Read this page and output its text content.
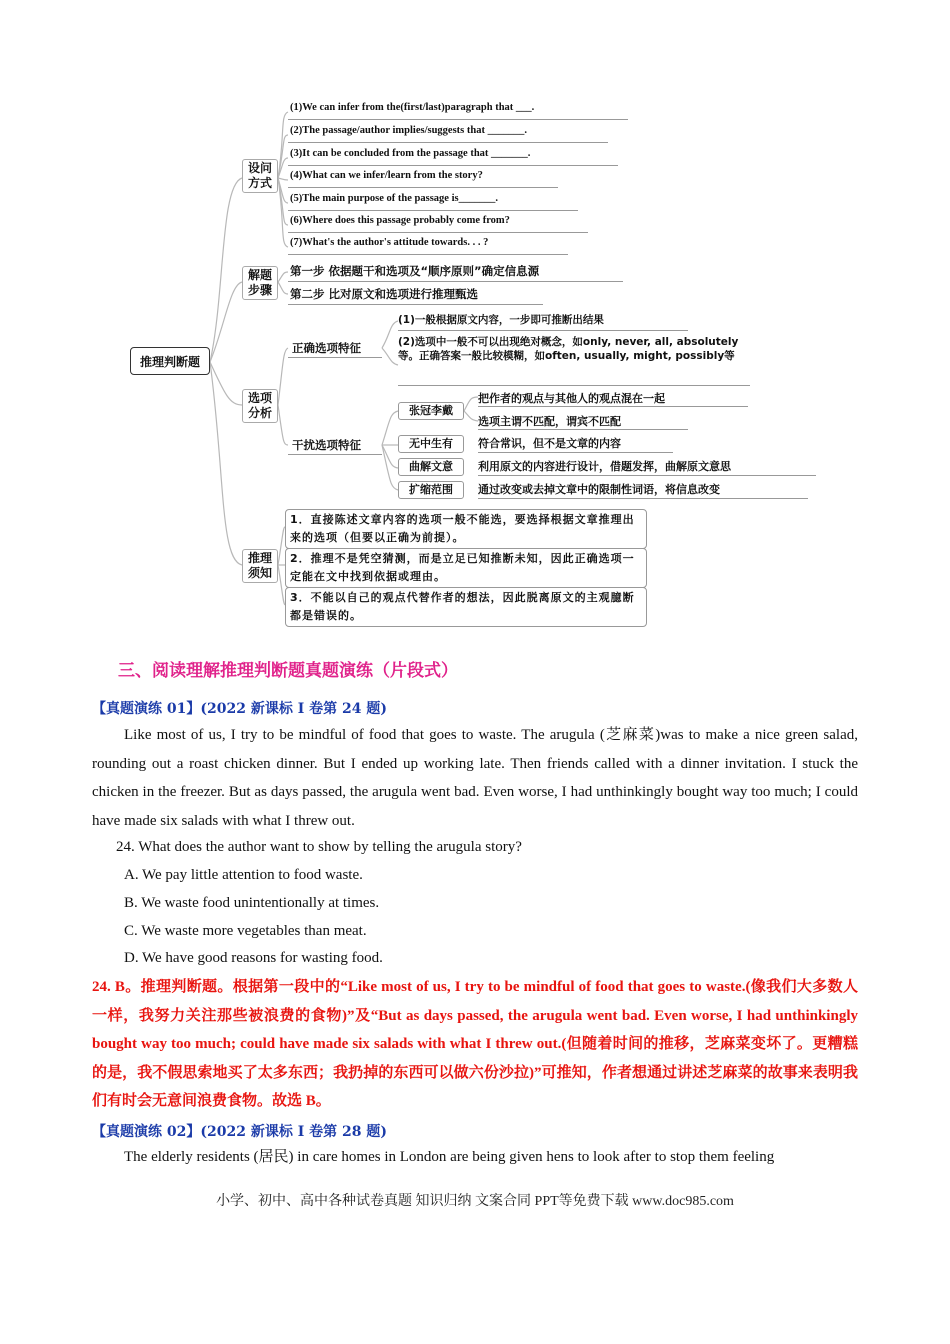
推理判断题
设问
方式
解题
步骤
选项
分析
推理
须知
(1)We can infer from the(first/last)paragraph that ___.
(2)The passage/author implies/suggests that _______.
(3)It can be concluded from the passage that _______.
(4)What can we infer/learn from the story?
(5)The main purpose of the passage is_______.
(6)Where does this passage probably come from?
(7)What's the author's attitude towards. . . ?
第一步 依据题干和选项及“顺序原则”确定信息源
第二步 比对原文和选项进行推理甄选
正确选项特征
(1)一般根据原文内容，一步即可推断出结果
(2)选项中一般不可以出现绝对概念，如only, never, all, absolutely等。正确答案一般比较模糊，如often, usually, might, possibly等
干扰选项特征
张冠李戴
把作者的观点与其他人的观点混在一起
选项主谓不匹配，谓宾不匹配
无中生有	符合常识，但不是文章的内容
曲解文意	利用原文的内容进行设计，借题发挥，曲解原文意思
扩缩范围	通过改变或去掉文章中的限制性词语，将信息改变
1．直接陈述文章内容的选项一般不能选，要选择根据文章推理出来的选项（但要以正确为前提）。
2．推理不是凭空猜测，而是立足已知推断未知，因此正确选项一定能在文中找到依据或理由。
3．不能以自己的观点代替作者的想法，因此脱离原文的主观臆断都是错误的。
三、阅读理解推理判断题真题演练（片段式）
【真题演练 01】(2022 新课标 I 卷第 24 题)
Like most of us, I try to be mindful of food that goes to waste. The arugula (芝麻菜)was to make a nice green salad, rounding out a roast chicken dinner. But I ended up working late. Then friends called with a dinner invitation. I stuck the chicken in the freezer. But as days passed, the arugula went bad. Even worse, I had unthinkingly bought way too much; I could have made six salads with what I threw out.
24. What does the author want to show by telling the arugula story?
A. We pay little attention to food waste.
B. We waste food unintentionally at times.
C. We waste more vegetables than meat.
D. We have good reasons for wasting food.
24. B。推理判断题。根据第一段中的“Like most of us, I try to be mindful of food that goes to waste.(像我们大多数人一样，我努力关注那些被浪费的食物)”及“But as days passed, the arugula went bad. Even worse, I had unthinkingly bought way too much; could have made six salads with what I threw out.(但随着时间的推移，芝麻菜变坏了。更糟糕的是，我不假思索地买了太多东西；我扔掉的东西可以做六份沙拉)”可推知，作者想通过讲述芝麻菜的故事来表明我们有时会无意间浪费食物。故选 B。
【真题演练 02】(2022 新课标 I 卷第 28 题)
The elderly residents (居民) in care homes in London are being given hens to look after to stop them feeling
小学、初中、高中各种试卷真题 知识归纳 文案合同 PPT等免费下载 www.doc985.com
